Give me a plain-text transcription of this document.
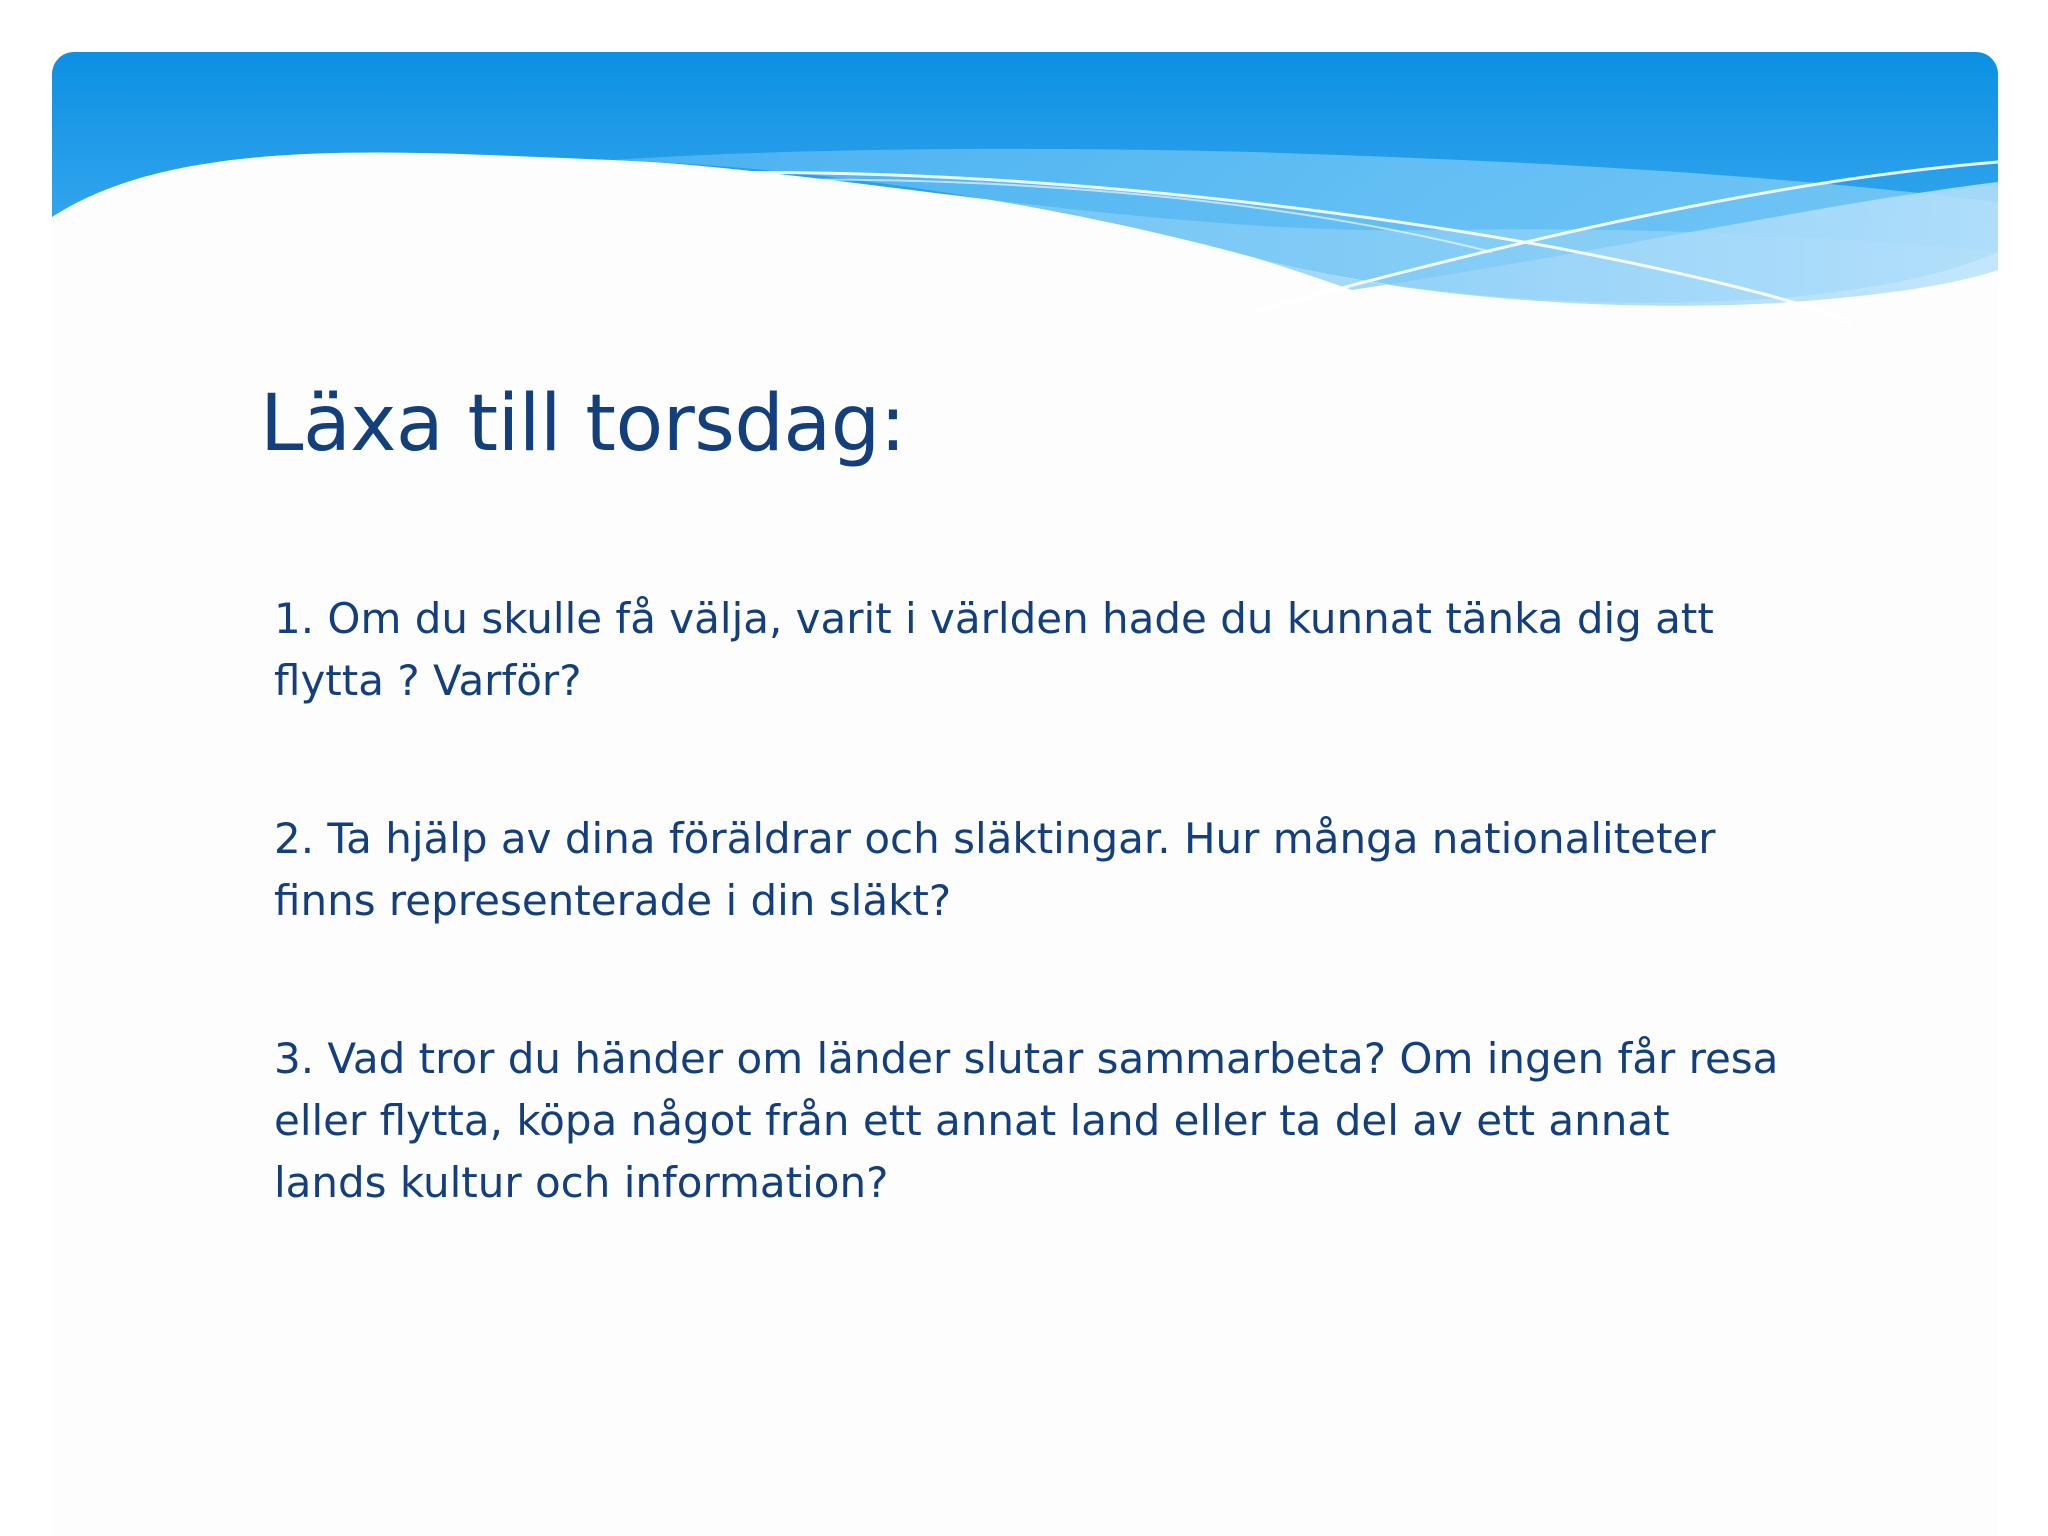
Läxa till torsdag:
1. Om du skulle få välja, varit i världen hade du kunnat tänka dig att flytta ? Varför?
2. Ta hjälp av dina föräldrar och släktingar. Hur många nationaliteter finns representerade i din släkt?
3. Vad tror du händer om länder slutar sammarbeta? Om ingen får resa eller flytta, köpa något från ett annat land eller ta del av ett annat lands kultur och information?
